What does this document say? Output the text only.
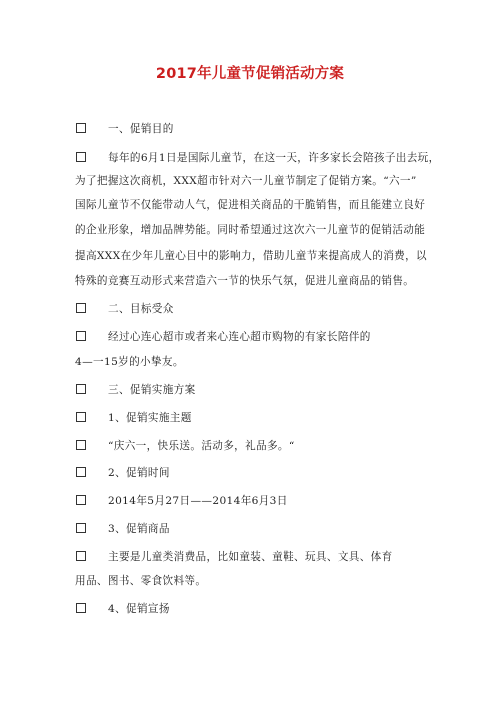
2017年儿童节促销活动方案
一、促销目的
每年的6月1日是国际儿童节，在这一天，许多家长会陪孩子出去玩，
为了把握这次商机，XXX超市针对六一儿童节制定了促销方案。“六一”
国际儿童节不仅能带动人气，促进相关商品的干脆销售，而且能建立良好
的企业形象，增加品牌势能。同时希望通过这次六一儿童节的促销活动能
提高XXX在少年儿童心目中的影响力，借助儿童节来提高成人的消费，以
特殊的竞赛互动形式来营造六一节的快乐气氛，促进儿童商品的销售。
二、目标受众
经过心连心超市或者来心连心超市购物的有家长陪伴的
4—一15岁的小挚友。
三、促销实施方案
1、促销实施主题
“庆六一，快乐送。活动多，礼品多。“
2、促销时间
2014年5月27日——2014年6月3日
3、促销商品
主要是儿童类消费品，比如童装、童鞋、玩具、文具、体育
用品、图书、零食饮料等。
4、促销宣扬
